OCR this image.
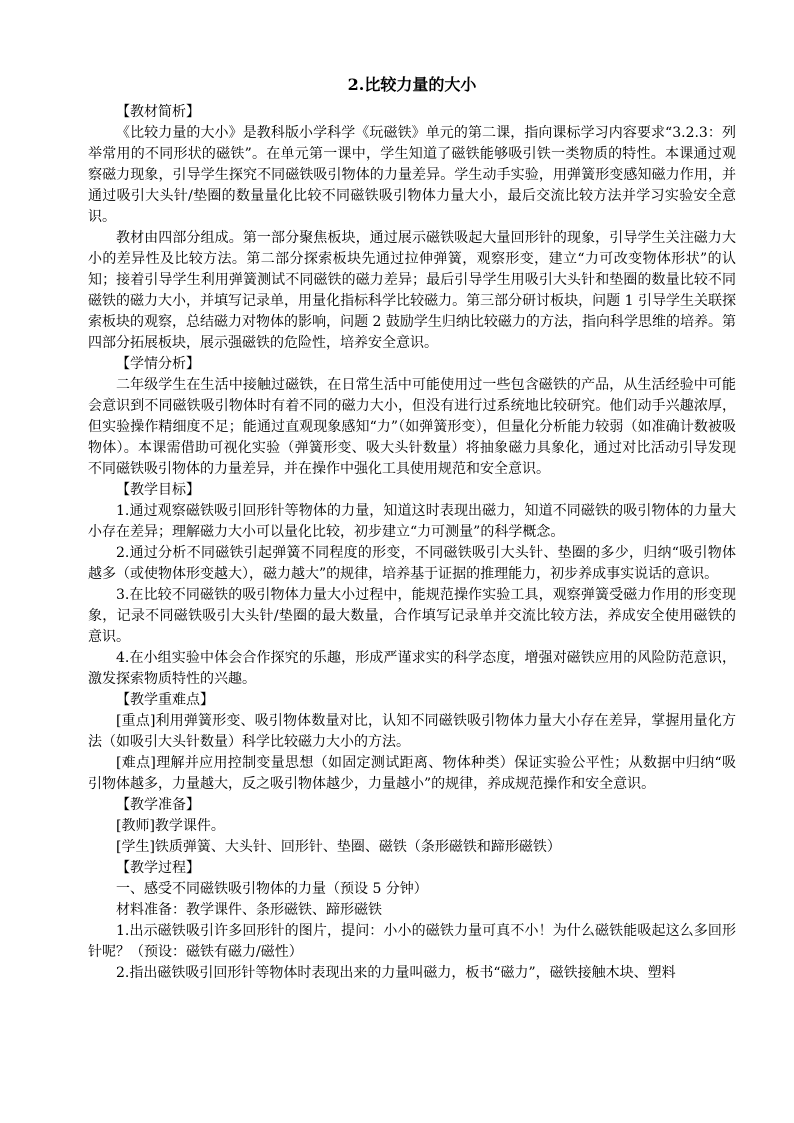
2.比较力量的大小

【教材简析】

《比较力量的大小》是教科版小学科学《玩磁铁》单元的第二课，指向课标学习内容要求“3.2.3：列举常用的不同形状的磁铁”。在单元第一课中，学生知道了磁铁能够吸引铁一类物质的特性。本课通过观察磁力现象，引导学生探究不同磁铁吸引物体的力量差异。学生动手实验，用弹簧形变感知磁力作用，并通过吸引大头针/垫圈的数量量化比较不同磁铁吸引物体力量大小，最后交流比较方法并学习实验安全意识。

教材由四部分组成。第一部分聚焦板块，通过展示磁铁吸起大量回形针的现象，引导学生关注磁力大小的差异性及比较方法。第二部分探索板块先通过拉伸弹簧，观察形变，建立“力可改变物体形状”的认知；接着引导学生利用弹簧测试不同磁铁的磁力差异；最后引导学生用吸引大头针和垫圈的数量比较不同磁铁的磁力大小，并填写记录单，用量化指标科学比较磁力。第三部分研讨板块，问题 1 引导学生关联探索板块的观察，总结磁力对物体的影响，问题 2 鼓励学生归纳比较磁力的方法，指向科学思维的培养。第四部分拓展板块，展示强磁铁的危险性，培养安全意识。

【学情分析】

二年级学生在生活中接触过磁铁，在日常生活中可能使用过一些包含磁铁的产品，从生活经验中可能会意识到不同磁铁吸引物体时有着不同的磁力大小，但没有进行过系统地比较研究。他们动手兴趣浓厚，但实验操作精细度不足；能通过直观现象感知“力”（如弹簧形变），但量化分析能力较弱（如准确计数被吸物体）。本课需借助可视化实验（弹簧形变、吸大头针数量）将抽象磁力具象化，通过对比活动引导发现不同磁铁吸引物体的力量差异，并在操作中强化工具使用规范和安全意识。

【教学目标】

1.通过观察磁铁吸引回形针等物体的力量，知道这时表现出磁力，知道不同磁铁的吸引物体的力量大小存在差异；理解磁力大小可以量化比较，初步建立“力可测量”的科学概念。

2.通过分析不同磁铁引起弹簧不同程度的形变，不同磁铁吸引大头针、垫圈的多少，归纳“吸引物体越多（或使物体形变越大），磁力越大”的规律，培养基于证据的推理能力，初步养成事实说话的意识。

3.在比较不同磁铁的吸引物体力量大小过程中，能规范操作实验工具，观察弹簧受磁力作用的形变现象，记录不同磁铁吸引大头针/垫圈的最大数量，合作填写记录单并交流比较方法，养成安全使用磁铁的意识。

4.在小组实验中体会合作探究的乐趣，形成严谨求实的科学态度，增强对磁铁应用的风险防范意识，激发探索物质特性的兴趣。

【教学重难点】

[重点]利用弹簧形变、吸引物体数量对比，认知不同磁铁吸引物体力量大小存在差异，掌握用量化方法（如吸引大头针数量）科学比较磁力大小的方法。

[难点]理解并应用控制变量思想（如固定测试距离、物体种类）保证实验公平性；从数据中归纳“吸引物体越多，力量越大，反之吸引物体越少，力量越小”的规律，养成规范操作和安全意识。

【教学准备】

[教师]教学课件。

[学生]铁质弹簧、大头针、回形针、垫圈、磁铁（条形磁铁和蹄形磁铁）

【教学过程】

一、感受不同磁铁吸引物体的力量（预设 5 分钟）

材料准备：教学课件、条形磁铁、蹄形磁铁

1.出示磁铁吸引许多回形针的图片，提问：小小的磁铁力量可真不小！为什么磁铁能吸起这么多回形针呢？（预设：磁铁有磁力/磁性）

2.指出磁铁吸引回形针等物体时表现出来的力量叫磁力，板书“磁力”，磁铁接触木块、塑料
